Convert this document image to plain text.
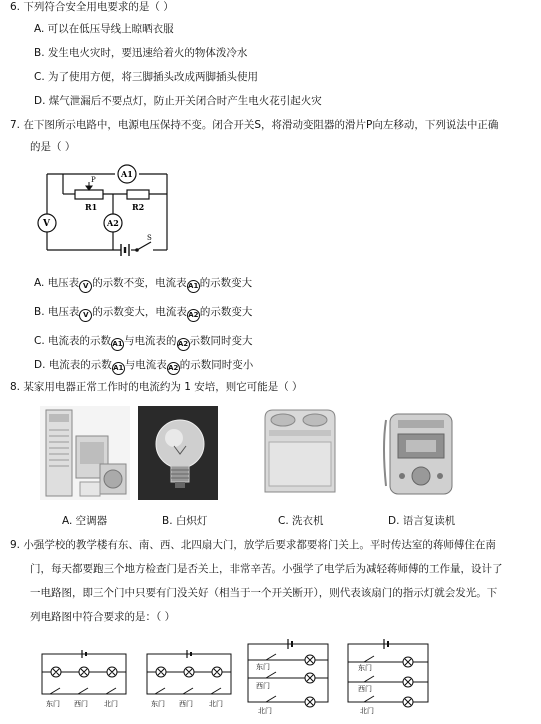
6. 下列符合安全用电要求的是（ ）
A. 可以在低压导线上晾晒衣服
B. 发生电火灾时，要迅速给着火的物体泼冷水
C. 为了使用方便，将三脚插头改成两脚插头使用
D. 煤气泄漏后不要点灯，防止开关闭合时产生电火花引起火灾
7. 在下图所示电路中，电源电压保持不变。闭合开关S，将滑动变阻器的滑片P向左移动，下列说法中正确
的是（ ）
P
A1
R1	R2
V	A2
S
A. 电压表 V 的示数不变，电流表A1的示数变大
B. 电压表 V 的示数变大，电流表A2的示数变大
C. 电流表的示数A1与电流表的A2示数同时变大
D. 电流表的示数A1与电流表A2的示数同时变小
8. 某家用电器正常工作时的电流约为 1 安培，则它可能是（ ）
A. 空调器	B. 白炽灯	C. 洗衣机	D. 语言复读机
9. 小强学校的教学楼有东、南、西、北四扇大门，放学后要求都要将门关上。平时传达室的蒋师傅住在南
门，每天都要跑三个地方检查门是否关上，非常辛苦。小强学了电学后为减轻蒋师傅的工作量，设计了
一电路图，即三个门中只要有门没关好（相当于一个开关断开），则代表该扇门的指示灯就会发光。下
列电路图中符合要求的是：（ ）
东门 西门 北门	东门 西门 北门
东门
西门
北门
东门
西门
北门
